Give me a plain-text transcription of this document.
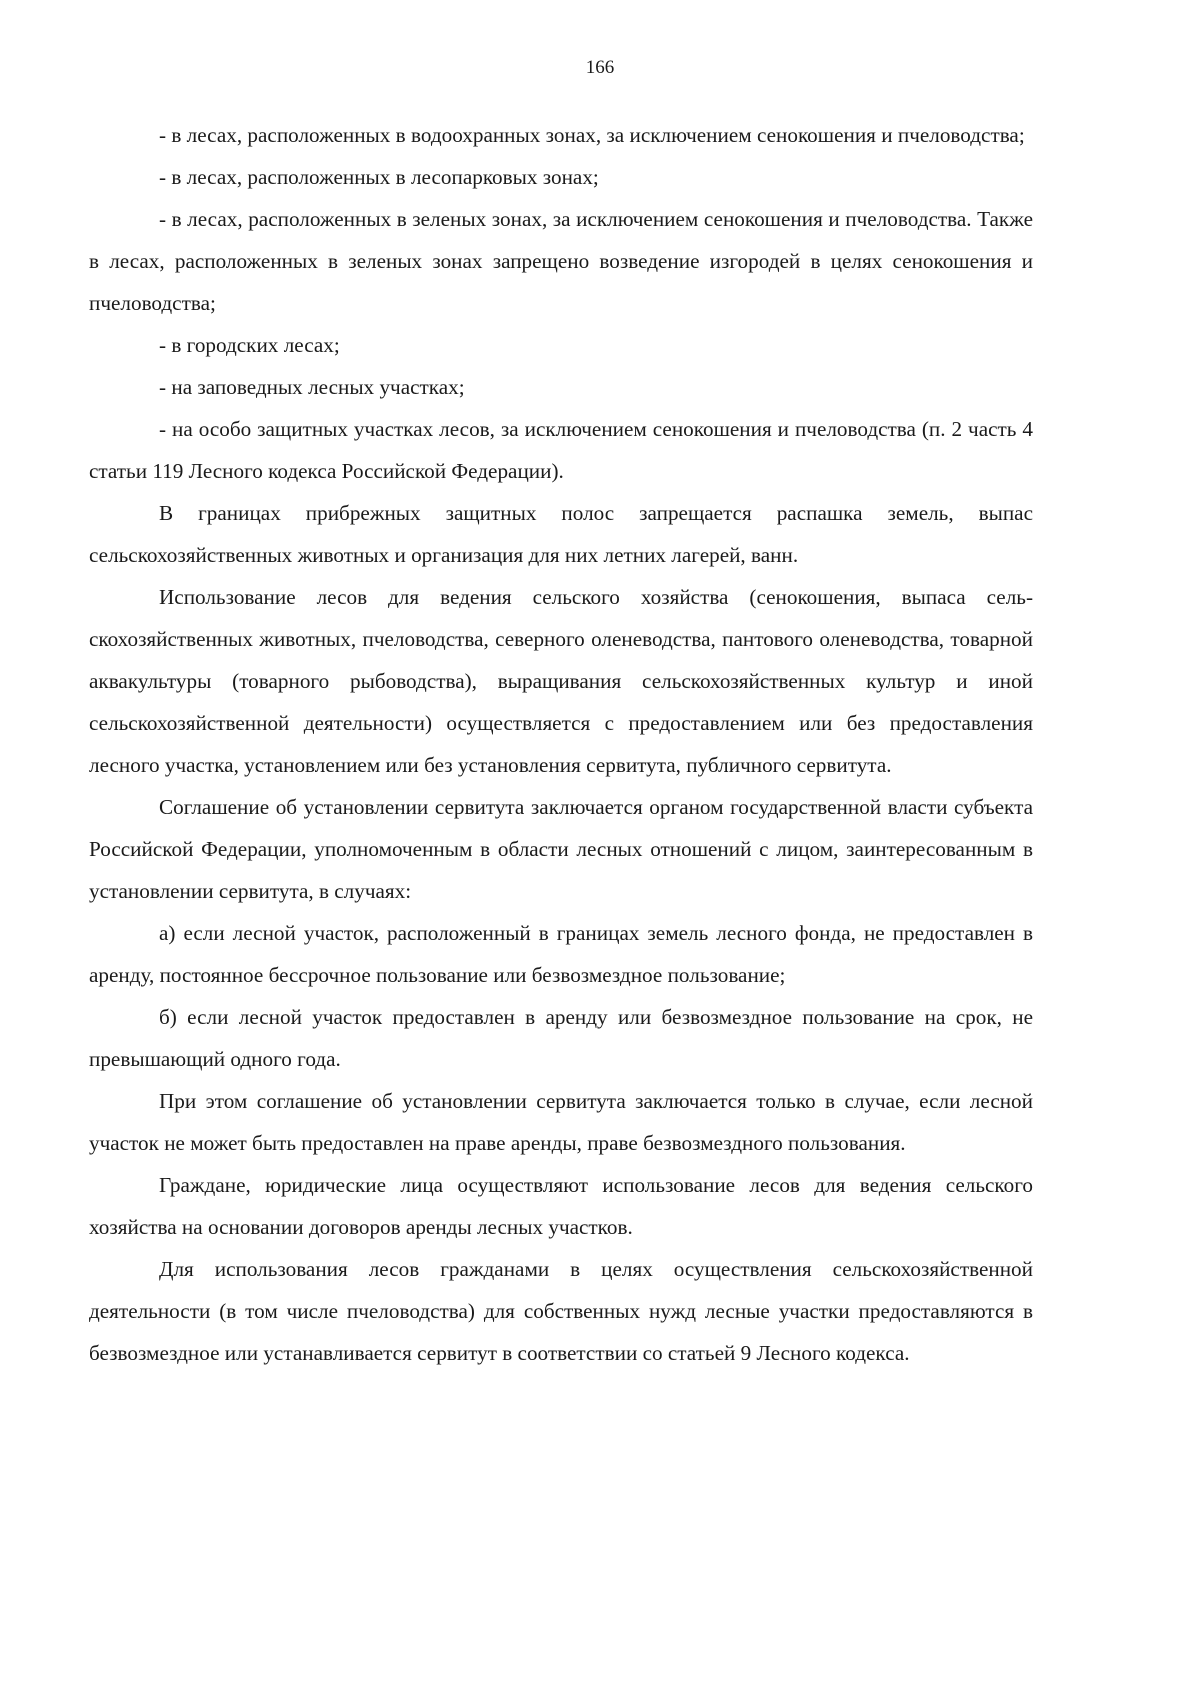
166

- в лесах, расположенных в водоохранных зонах, за исключением сенокошения и пчеловодства;

- в лесах, расположенных в лесопарковых зонах;

- в лесах, расположенных в зеленых зонах, за исключением сенокошения и пчеловодства. Также в лесах, расположенных в зеленых зонах запрещено возведение изгородей в целях сенокошения и пчеловодства;

- в городских лесах;

- на заповедных лесных участках;

- на особо защитных участках лесов, за исключением сенокошения и пчеловодства (п. 2 часть 4 статьи 119 Лесного кодекса Российской Федерации).

В границах прибрежных защитных полос запрещается распашка земель, выпас сельскохозяйственных животных и организация для них летних лагерей, ванн.

Использование лесов для ведения сельского хозяйства (сенокошения, выпаса сельскохозяйственных животных, пчеловодства, северного оленеводства, пантового оленеводства, товарной аквакультуры (товарного рыбоводства), выращивания сельскохозяйственных культур и иной сельскохозяйственной деятельности) осуществляется с предоставлением или без предоставления лесного участка, установлением или без установления сервитута, публичного сервитута.

Соглашение об установлении сервитута заключается органом государственной власти субъекта Российской Федерации, уполномоченным в области лесных отношений с лицом, заинтересованным в установлении сервитута, в случаях:

а) если лесной участок, расположенный в границах земель лесного фонда, не предоставлен в аренду, постоянное бессрочное пользование или безвозмездное пользование;

б) если лесной участок предоставлен в аренду или безвозмездное пользование на срок, не превышающий одного года.

При этом соглашение об установлении сервитута заключается только в случае, если лесной участок не может быть предоставлен на праве аренды, праве безвозмездного пользования.

Граждане, юридические лица осуществляют использование лесов для ведения сельского хозяйства на основании договоров аренды лесных участков.

Для использования лесов гражданами в целях осуществления сельскохозяйственной деятельности (в том числе пчеловодства) для собственных нужд лесные участки предоставляются в безвозмездное или устанавливается сервитут в соответствии со статьей 9 Лесного кодекса.
